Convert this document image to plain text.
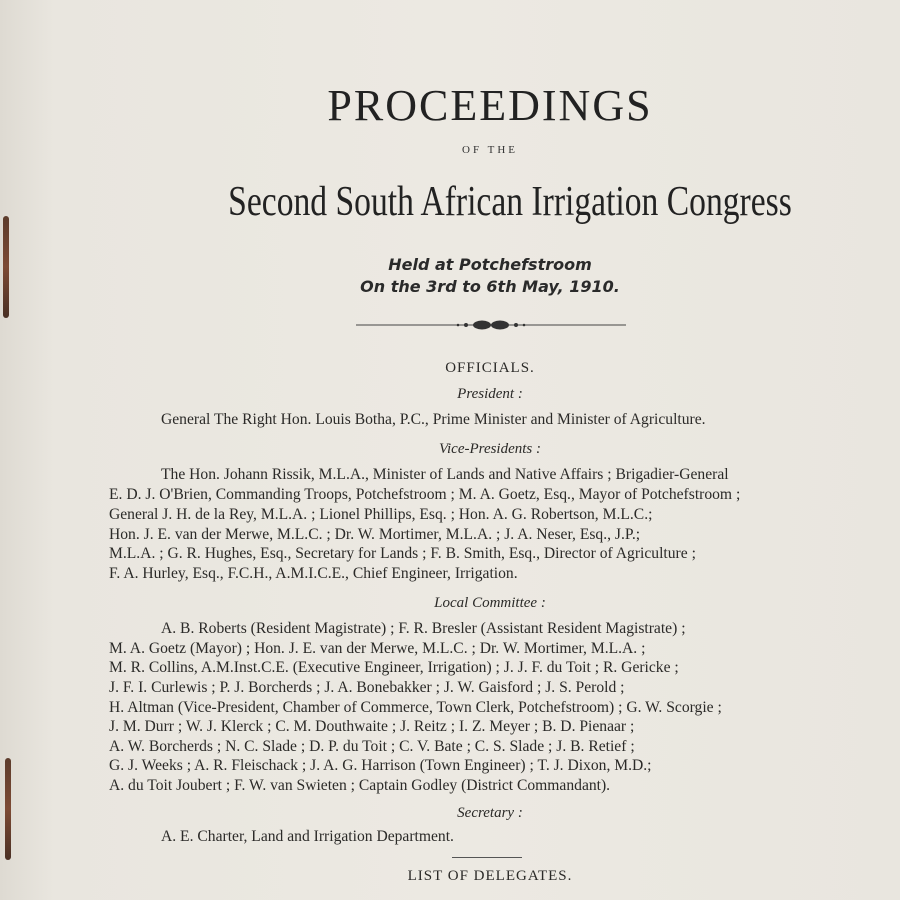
PROCEEDINGS
OF THE
Second South African Irrigation Congress
Held at Potchefstroom
On the 3rd to 6th May, 1910.
OFFICIALS.
President :
General The Right Hon. Louis Botha, P.C., Prime Minister and Minister of Agriculture.
Vice-Presidents :
The Hon. Johann Rissik, M.L.A., Minister of Lands and Native Affairs ; Brigadier-General
E. D. J. O'Brien, Commanding Troops, Potchefstroom ; M. A. Goetz, Esq., Mayor of Potchefstroom ;
General J. H. de la Rey, M.L.A. ; Lionel Phillips, Esq. ; Hon. A. G. Robertson, M.L.C.;
Hon. J. E. van der Merwe, M.L.C. ; Dr. W. Mortimer, M.L.A. ; J. A. Neser, Esq., J.P.;
M.L.A. ; G. R. Hughes, Esq., Secretary for Lands ; F. B. Smith, Esq., Director of Agriculture ;
F. A. Hurley, Esq., F.C.H., A.M.I.C.E., Chief Engineer, Irrigation.
Local Committee :
A. B. Roberts (Resident Magistrate) ; F. R. Bresler (Assistant Resident Magistrate) ;
M. A. Goetz (Mayor) ; Hon. J. E. van der Merwe, M.L.C. ; Dr. W. Mortimer, M.L.A. ;
M. R. Collins, A.M.Inst.C.E. (Executive Engineer, Irrigation) ; J. J. F. du Toit ; R. Gericke ;
J. F. I. Curlewis ; P. J. Borcherds ; J. A. Bonebakker ; J. W. Gaisford ; J. S. Perold ;
H. Altman (Vice-President, Chamber of Commerce, Town Clerk, Potchefstroom) ; G. W. Scorgie ;
J. M. Durr ; W. J. Klerck ; C. M. Douthwaite ; J. Reitz ; I. Z. Meyer ; B. D. Pienaar ;
A. W. Borcherds ; N. C. Slade ; D. P. du Toit ; C. V. Bate ; C. S. Slade ; J. B. Retief ;
G. J. Weeks ; A. R. Fleischack ; J. A. G. Harrison (Town Engineer) ; T. J. Dixon, M.D.;
A. du Toit Joubert ; F. W. van Swieten ; Captain Godley (District Commandant).
Secretary :
A. E. Charter, Land and Irrigation Department.
LIST OF DELEGATES.
